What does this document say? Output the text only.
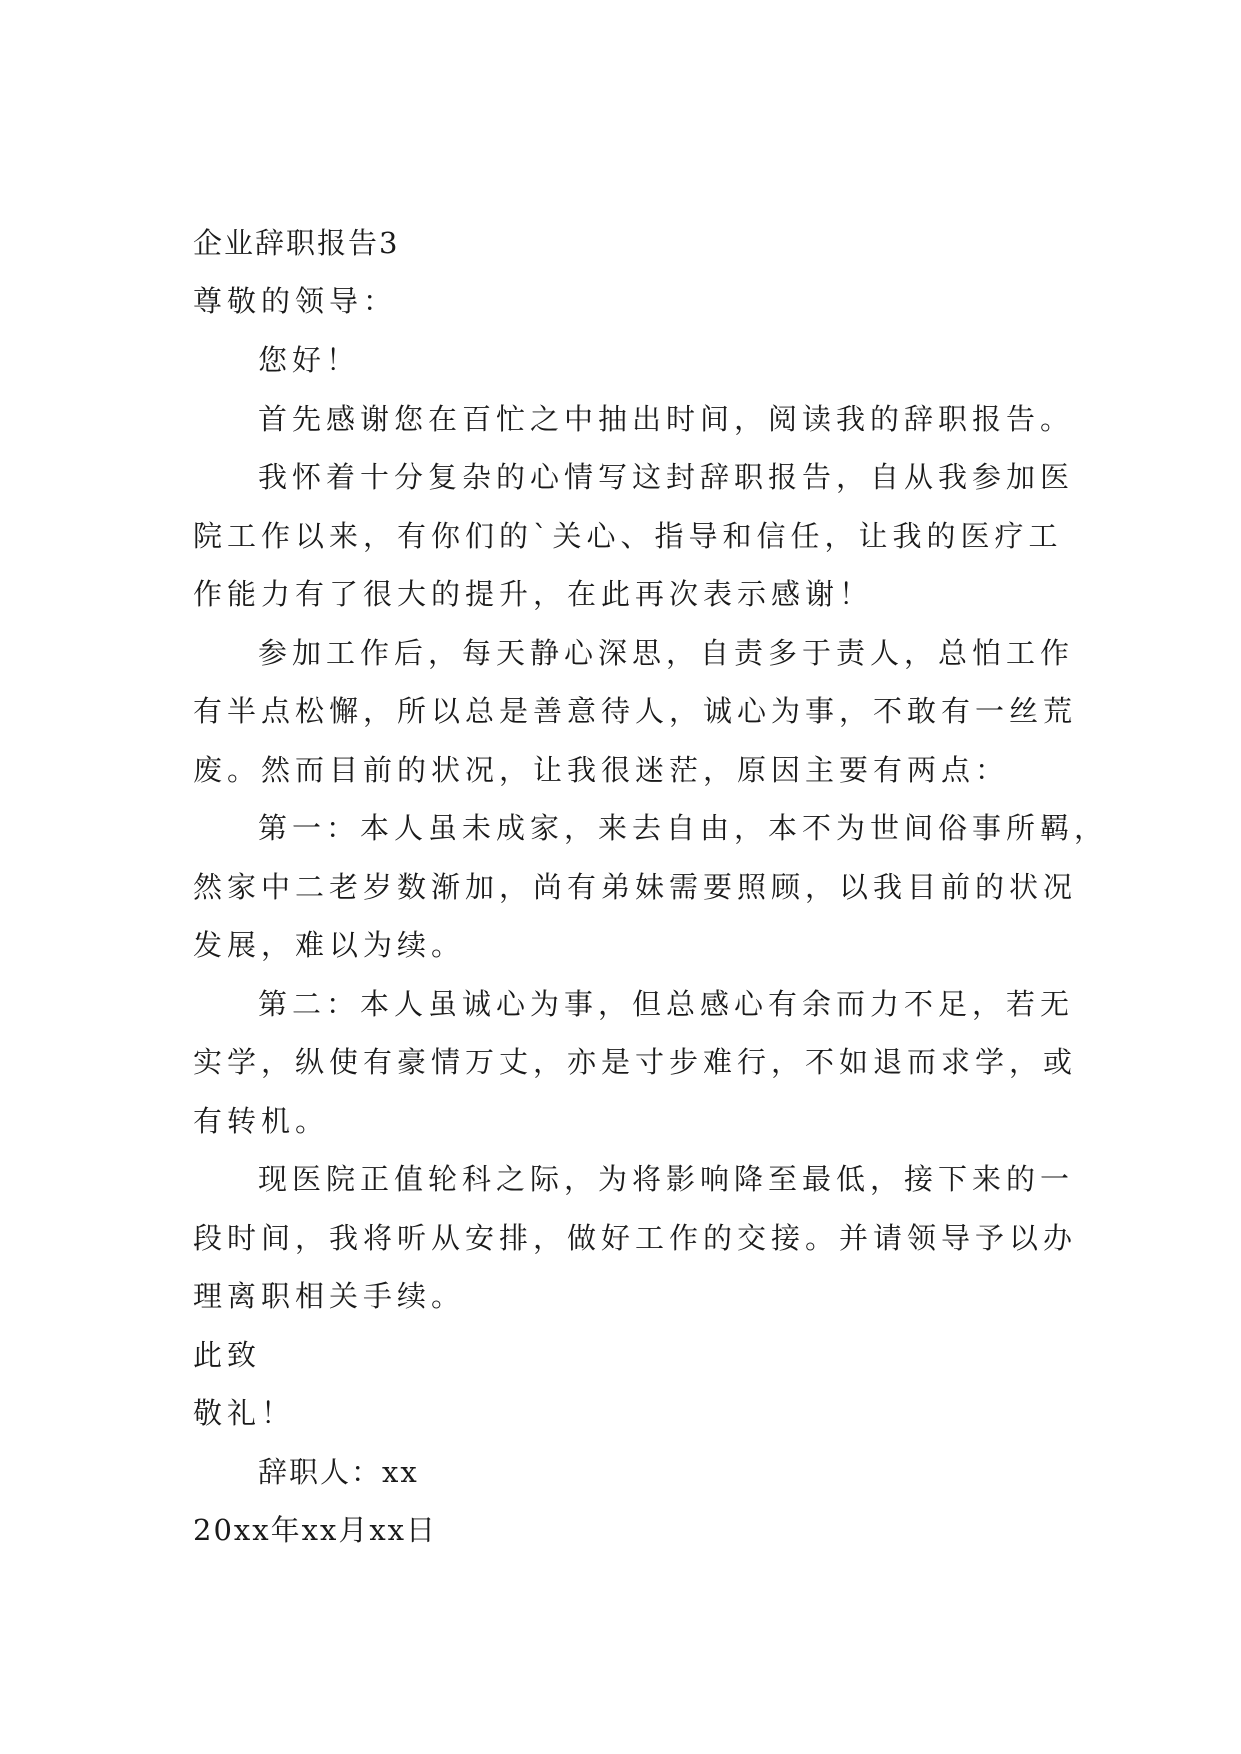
企业辞职报告3
尊敬的领导：
您好！
首先感谢您在百忙之中抽出时间，阅读我的辞职报告。
我怀着十分复杂的心情写这封辞职报告，自从我参加医
院工作以来，有你们的`关心、指导和信任，让我的医疗工
作能力有了很大的提升，在此再次表示感谢！
参加工作后，每天静心深思，自责多于责人，总怕工作
有半点松懈，所以总是善意待人，诚心为事，不敢有一丝荒
废。然而目前的状况，让我很迷茫，原因主要有两点：
第一：本人虽未成家，来去自由，本不为世间俗事所羁，
然家中二老岁数渐加，尚有弟妹需要照顾，以我目前的状况
发展，难以为续。
第二：本人虽诚心为事，但总感心有余而力不足，若无
实学，纵使有豪情万丈，亦是寸步难行，不如退而求学，或
有转机。
现医院正值轮科之际，为将影响降至最低，接下来的一
段时间，我将听从安排，做好工作的交接。并请领导予以办
理离职相关手续。
此致
敬礼！
辞职人：xx
20xx年xx月xx日
